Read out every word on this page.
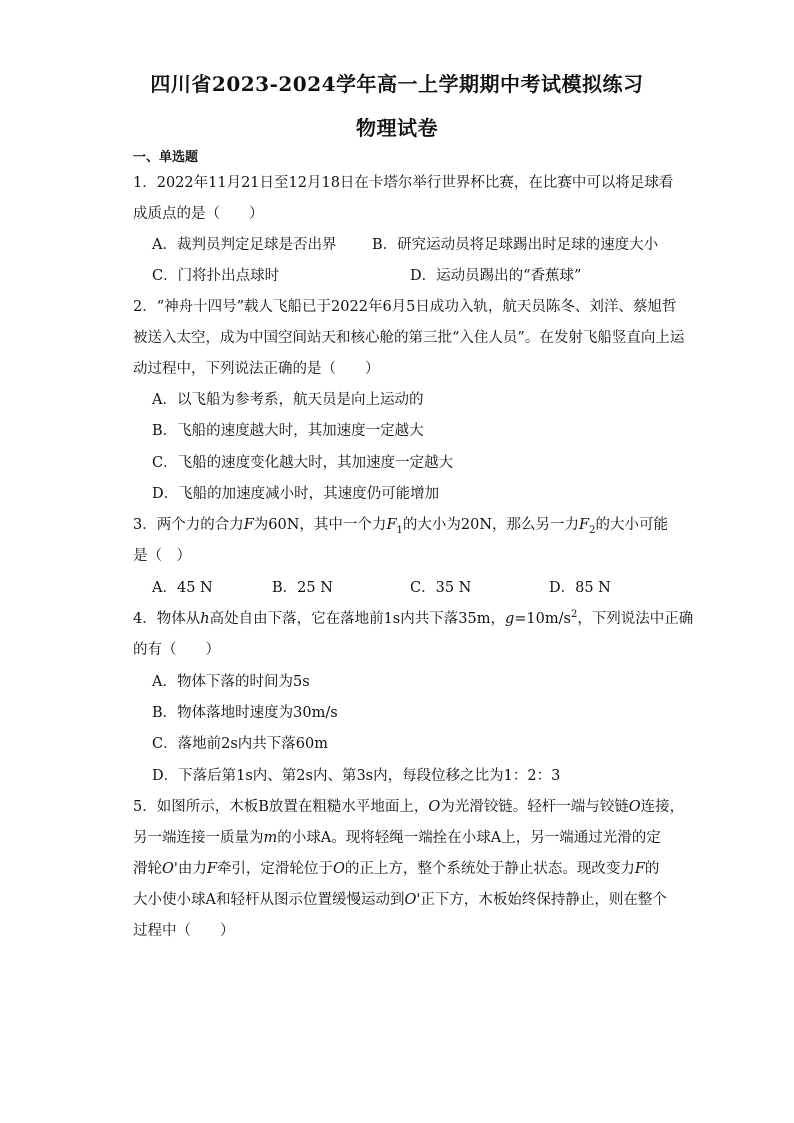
四川省2023-2024学年高一上学期期中考试模拟练习
物理试卷
一、单选题
1．2022年11月21日至12月18日在卡塔尔举行世界杯比赛，在比赛中可以将足球看
成质点的是（　　）
A．裁判员判定足球是否出界 B．研究运动员将足球踢出时足球的速度大小
C．门将扑出点球时	D．运动员踢出的“香蕉球”
2．“神舟十四号”载人飞船已于2022年6月5日成功入轨，航天员陈冬、刘洋、蔡旭哲
被送入太空，成为中国空间站天和核心舱的第三批“入住人员”。在发射飞船竖直向上运
动过程中，下列说法正确的是（　　）
A．以飞船为参考系，航天员是向上运动的
B．飞船的速度越大时，其加速度一定越大
C．飞船的速度变化越大时，其加速度一定越大
D．飞船的加速度减小时，其速度仍可能增加
3．两个力的合力F为60N，其中一个力$F_1$的大小为20N，那么另一力$F_2$的大小可能
是（　）
A．45 N	B．25 N	C．35 N	D．85 N
4．物体从h高处自由下落，它在落地前1s内共下落35m，$g=10m/s^2$，下列说法中正确
的有（　　）
A．物体下落的时间为5s
B．物体落地时速度为30m/s
C．落地前2s内共下落60m
D．下落后第1s内、第2s内、第3s内，每段位移之比为1：2：3
5．如图所示，木板B放置在粗糙水平地面上，O为光滑铰链。轻杆一端与铰链O连接，
另一端连接一质量为m的小球A。现将轻绳一端拴在小球A上，另一端通过光滑的定
滑轮O'由力F牵引，定滑轮位于O的正上方，整个系统处于静止状态。现改变力F的
大小使小球A和轻杆从图示位置缓慢运动到O'正下方，木板始终保持静止，则在整个
过程中（　　）
